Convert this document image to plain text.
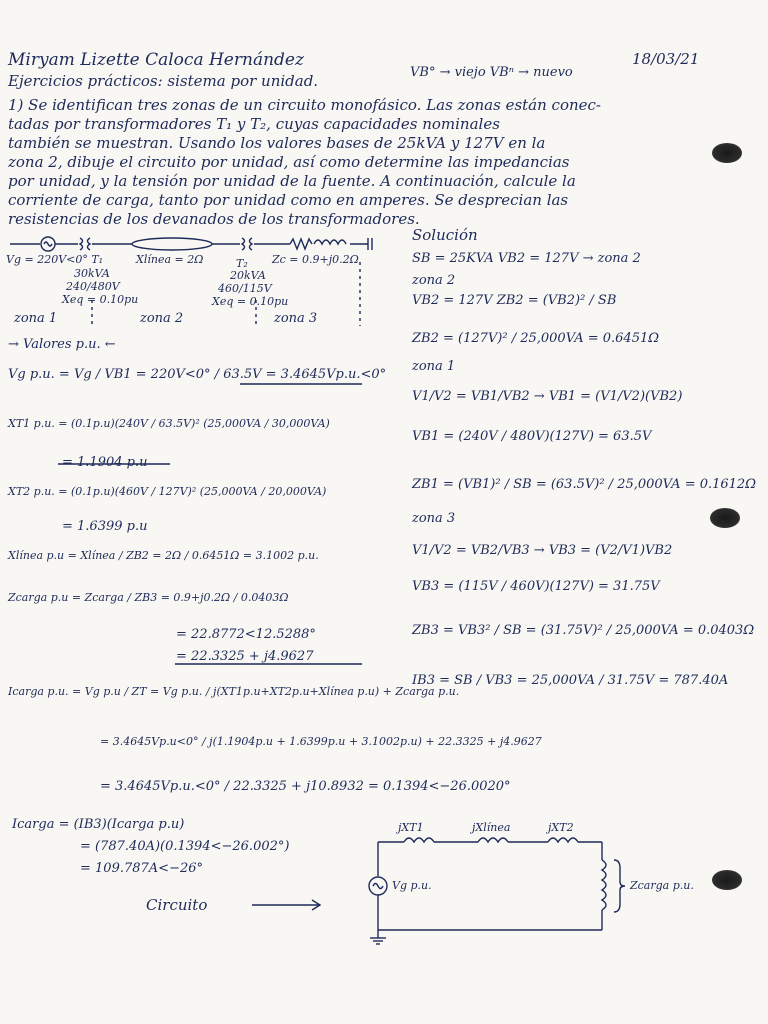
Miryam Lizette Caloca Hernández	18/03/21
Ejercicios prácticos: sistema por unidad.	VB° → viejo VBⁿ → nuevo
1) Se identifican tres zonas de un circuito monofásico. Las zonas están conec-
tadas por transformadores T₁ y T₂, cuyas capacidades nominales
también se muestran. Usando los valores bases de 25kVA y 127V en la
zona 2, dibuje el circuito por unidad, así como determine las impedancias
por unidad, y la tensión por unidad de la fuente. A continuación, calcule la
corriente de carga, tanto por unidad como en amperes. Se desprecian las
resistencias de los devanados de los transformadores.
Vg = 220V<0° T₁	Xlínea = 2Ω	T₂ Zc = 0.9+j0.2Ω
30kVA
240/480V
Xeq = 0.10pu
20kVA
460/115V
Xeq = 0.10pu
zona 1	zona 2	zona 3
→ Valores p.u. ←
Vg p.u. = Vg / VB1 = 220V<0° / 63.5V = 3.4645Vp.u.<0°
XT1 p.u. = (0.1p.u)(240V / 63.5V)² (25,000VA / 30,000VA)
= 1.1904 p.u
XT2 p.u. = (0.1p.u)(460V / 127V)² (25,000VA / 20,000VA)
= 1.6399 p.u
Xlínea p.u = Xlínea / ZB2 = 2Ω / 0.6451Ω = 3.1002 p.u.
Zcarga p.u = Zcarga / ZB3 = 0.9+j0.2Ω / 0.0403Ω
= 22.8772<12.5288°
= 22.3325 + j4.9627
Icarga p.u. = Vg p.u / ZT = Vg p.u. / j(XT1p.u+XT2p.u+Xlínea p.u) + Zcarga p.u.
Solución
SB = 25KVA VB2 = 127V → zona 2
zona 2
VB2 = 127V ZB2 = (VB2)² / SB
ZB2 = (127V)² / 25,000VA = 0.6451Ω
zona 1
V1/V2 = VB1/VB2 → VB1 = (V1/V2)(VB2)
VB1 = (240V / 480V)(127V) = 63.5V
ZB1 = (VB1)² / SB = (63.5V)² / 25,000VA = 0.1612Ω
zona 3
V1/V2 = VB2/VB3 → VB3 = (V2/V1)VB2
VB3 = (115V / 460V)(127V) = 31.75V
ZB3 = VB3² / SB = (31.75V)² / 25,000VA = 0.0403Ω
IB3 = SB / VB3 = 25,000VA / 31.75V = 787.40A
= 3.4645Vp.u<0° / j(1.1904p.u + 1.6399p.u + 3.1002p.u) + 22.3325 + j4.9627
= 3.4645Vp.u.<0° / 22.3325 + j10.8932 = 0.1394<−26.0020°
Icarga = (IB3)(Icarga p.u)
= (787.40A)(0.1394<−26.002°)
= 109.787A<−26°
Circuito
jXT1	jXlínea	jXT2
Vg p.u.	Zcarga p.u.
